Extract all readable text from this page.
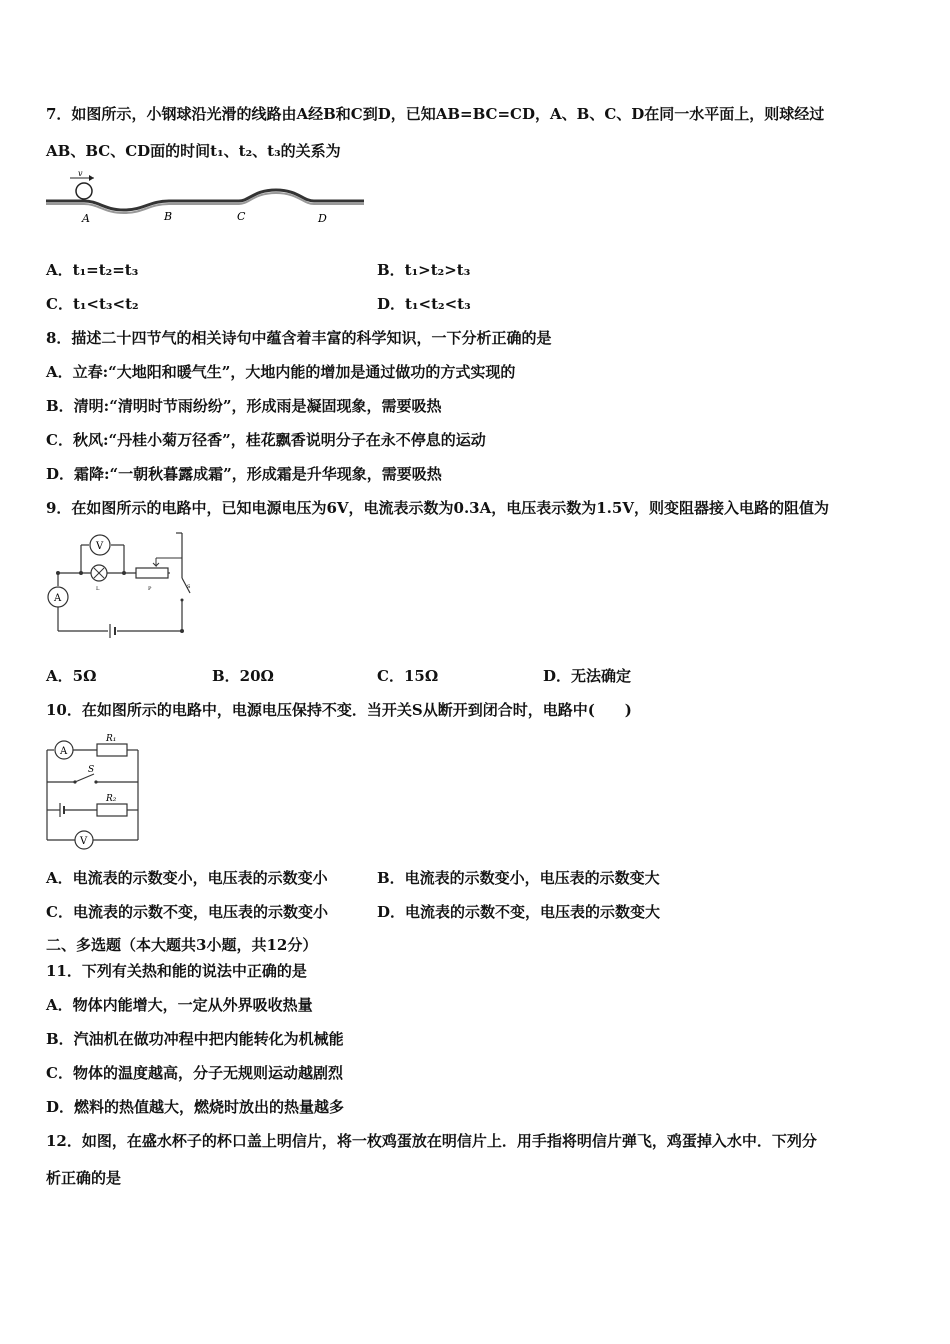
7．如图所示，小钢球沿光滑的线路由A经B和C到D，已知AB=BC=CD，A、B、C、D在同一水平面上，则球经过
AB、BC、CD面的时间t₁、t₂、t₃的关系为
v
A	B	C	D
A．t₁=t₂=t₃	B．t₁>t₂>t₃
C．t₁<t₃<t₂	D．t₁<t₂<t₃
8．描述二十四节气的相关诗句中蕴含着丰富的科学知识，一下分析正确的是
A．立春:“大地阳和暖气生”，大地内能的增加是通过做功的方式实现的
B．清明:“清明时节雨纷纷”，形成雨是凝固现象，需要吸热
C．秋风:“丹桂小菊万径香”，桂花飘香说明分子在永不停息的运动
D．霜降:“一朝秋暮露成霜”，形成霜是升华现象，需要吸热
9．在如图所示的电路中，已知电源电压为6V，电流表示数为0.3A，电压表示数为1.5V，则变阻器接入电路的阻值为
V
L	P	S
A
A．5Ω	B．20Ω	C．15Ω	D．无法确定
10．在如图所示的电路中，电源电压保持不变．当开关S从断开到闭合时，电路中(　　)
A
R₁
S
R₂
V
A．电流表的示数变小，电压表的示数变小	B．电流表的示数变小，电压表的示数变大
C．电流表的示数不变，电压表的示数变小	D．电流表的示数不变，电压表的示数变大
二、多选题（本大题共3小题，共12分）
11．下列有关热和能的说法中正确的是
A．物体内能增大，一定从外界吸收热量
B．汽油机在做功冲程中把内能转化为机械能
C．物体的温度越高，分子无规则运动越剧烈
D．燃料的热值越大，燃烧时放出的热量越多
12．如图，在盛水杯子的杯口盖上明信片，将一枚鸡蛋放在明信片上．用手指将明信片弹飞，鸡蛋掉入水中．下列分
析正确的是
